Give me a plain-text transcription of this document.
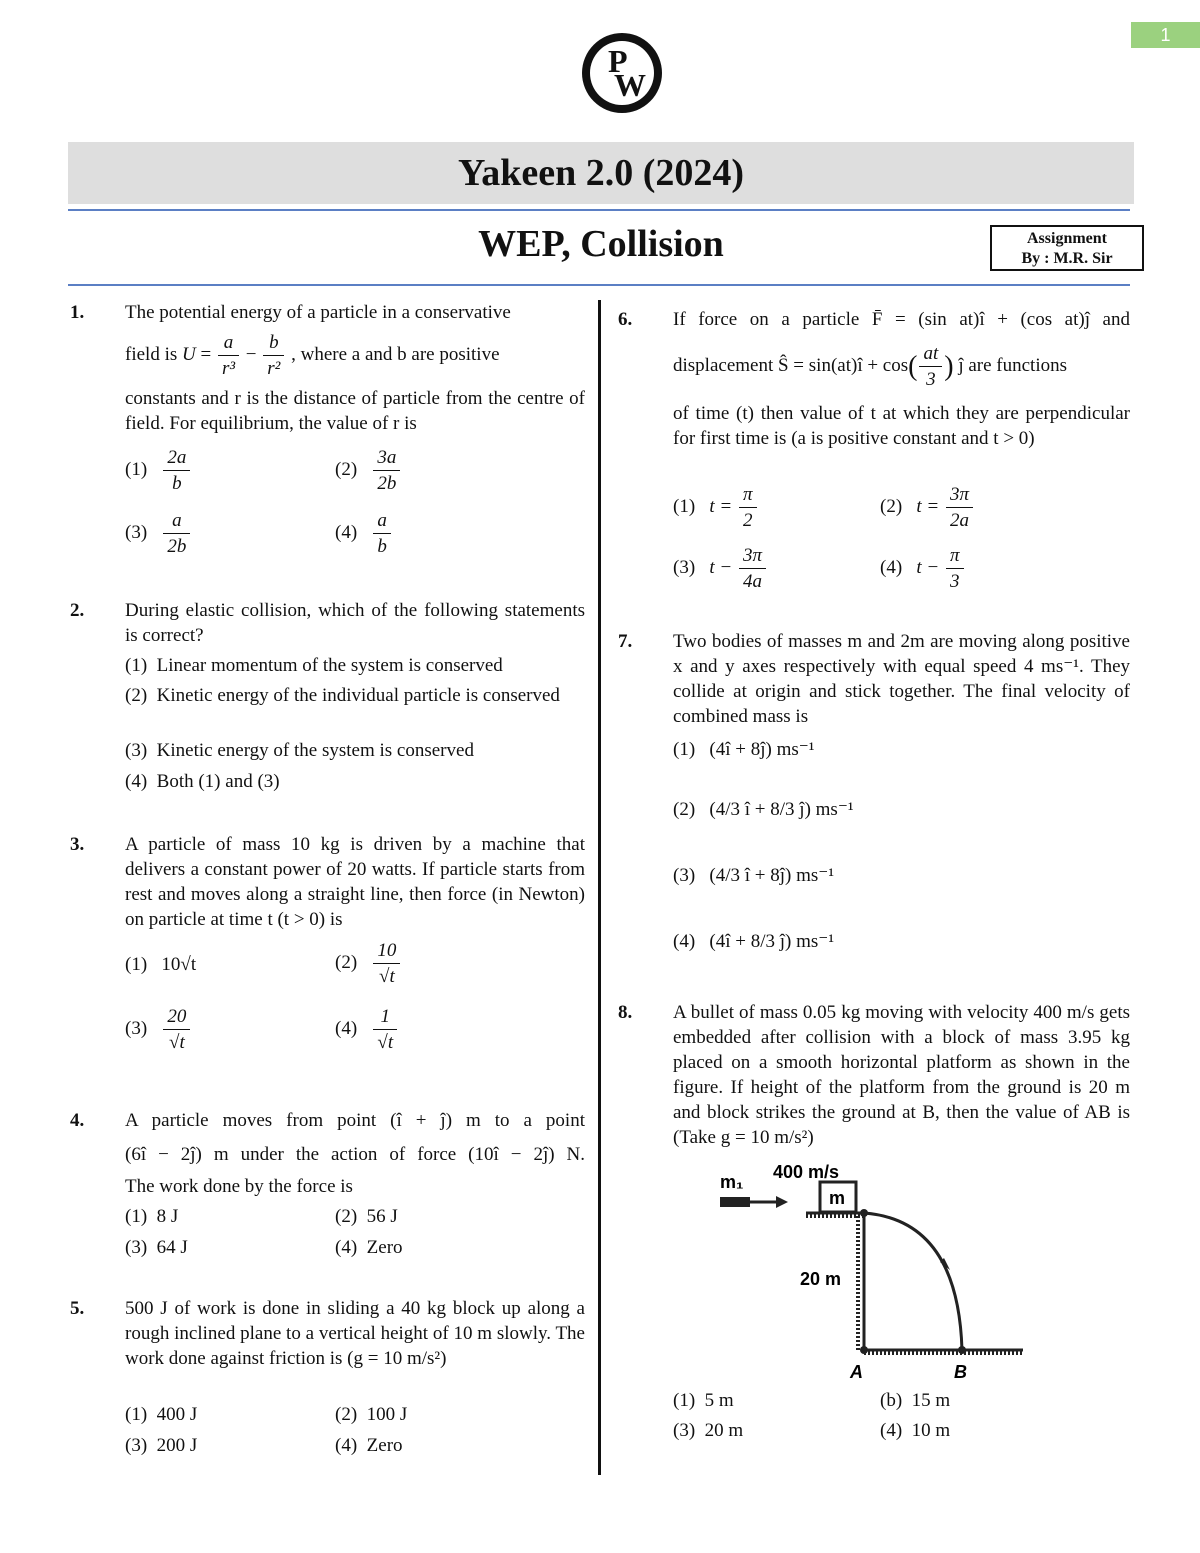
1
P
W
Yakeen 2.0 (2024)
WEP, Collision	Assignment
By : M.R. Sir
1. The potential energy of a particle in a conservative
field is $U = \frac{a}{\text{r³}} - \frac{b}{\text{r²}}$ , where a and b are positive
constants and r is the distance of particle from the centre of field. For equilibrium, the value of r is
$(1) \frac{2a}{b}$	$(2) \frac{3a}{2b}$
$(3) \frac{a}{2b}$	$(4) \frac{a}{b}$
2. During elastic collision, which of the following statements is correct?
(1) Linear momentum of the system is conserved
(2) Kinetic energy of the individual particle is conserved
(3) Kinetic energy of the system is conserved
(4) Both (1) and (3)
3. A particle of mass 10 kg is driven by a machine that delivers a constant power of 20 watts. If particle starts from rest and moves along a straight line, then force (in Newton) on particle at time t (t > 0) is
(1) 10√t	$(2) \frac{10}{√t}$
$(3) \frac{20}{√t}$	$(4) \frac{1}{√t}$
4. A particle moves from point (î + ĵ) m to a point
(6î − 2ĵ) m under the action of force (10î − 2ĵ) N.
The work done by the force is
(1) 8 J	(2) 56 J
(3) 64 J	(4) Zero
5. 500 J of work is done in sliding a 40 kg block up along a rough inclined plane to a vertical height of 10 m slowly. The work done against friction is (g = 10 m/s²)
(1) 400 J	(2) 100 J
(3) 200 J	(4) Zero
6. If force on a particle F̄ = (sin at)î + (cos at)ĵ and
displacement Ŝ = sin(at)î + $\cos( \frac{at}{3}$ ) ĵ are functions
of time (t) then value of t at which they are perpendicular for first time is (a is positive constant and t > 0)
(1) $t = \frac{\pi}{2}$	(2) $t = \frac{3\pi}{2a}$
(3) $t - \frac{3\pi}{4a}$	(4) $t - \frac{\pi}{3}$
7. Two bodies of masses m and 2m are moving along positive x and y axes respectively with equal speed 4 ms⁻¹. They collide at origin and stick together. The final velocity of combined mass is
(1) (4î + 8ĵ) ms⁻¹
(2) (4/3 î + 8/3 ĵ) ms⁻¹
(3) (4/3 î + 8ĵ) ms⁻¹
(4) (4î + 8/3 ĵ) ms⁻¹
8. A bullet of mass 0.05 kg moving with velocity 400 m/s gets embedded after collision with a block of mass 3.95 kg placed on a smooth horizontal platform as shown in the figure. If height of the platform from the ground is 20 m and block strikes the ground at B, then the value of AB is (Take g = 10 m/s²)
m₁ 400 m/s
m
20 m
A	B
(1) 5 m	(b) 15 m
(3) 20 m	(4) 10 m
